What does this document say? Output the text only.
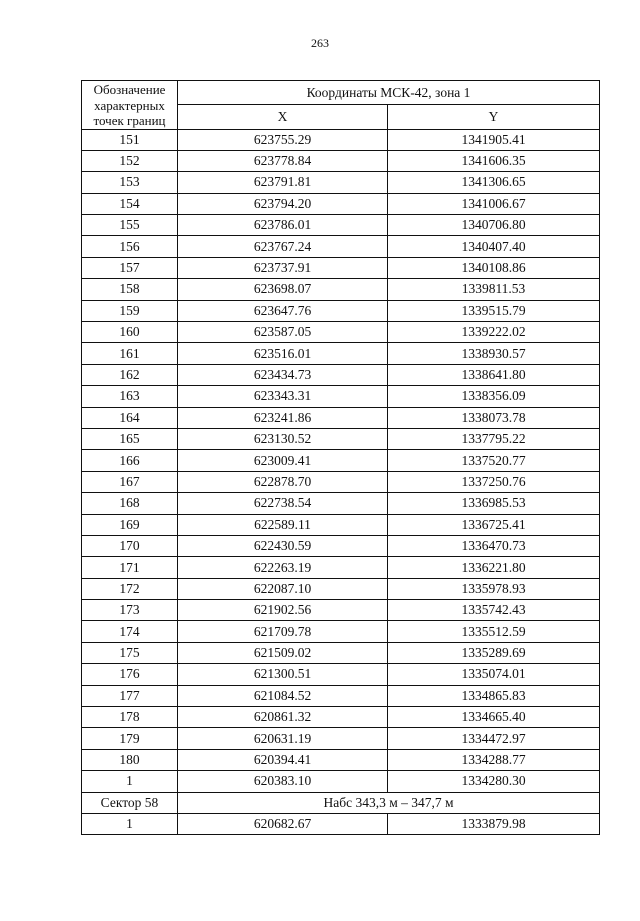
263
Обозначение
характерных
точек границ	Координаты МСК-42, зона 1	
	X	Y
151	623755.29	1341905.41
152	623778.84	1341606.35
153	623791.81	1341306.65
154	623794.20	1341006.67
155	623786.01	1340706.80
156	623767.24	1340407.40
157	623737.91	1340108.86
158	623698.07	1339811.53
159	623647.76	1339515.79
160	623587.05	1339222.02
161	623516.01	1338930.57
162	623434.73	1338641.80
163	623343.31	1338356.09
164	623241.86	1338073.78
165	623130.52	1337795.22
166	623009.41	1337520.77
167	622878.70	1337250.76
168	622738.54	1336985.53
169	622589.11	1336725.41
170	622430.59	1336470.73
171	622263.19	1336221.80
172	622087.10	1335978.93
173	621902.56	1335742.43
174	621709.78	1335512.59
175	621509.02	1335289.69
176	621300.51	1335074.01
177	621084.52	1334865.83
178	620861.32	1334665.40
179	620631.19	1334472.97
180	620394.41	1334288.77
1	620383.10	1334280.30
Сектор 58	Набс 343,3 м – 347,7 м	
1	620682.67	1333879.98
